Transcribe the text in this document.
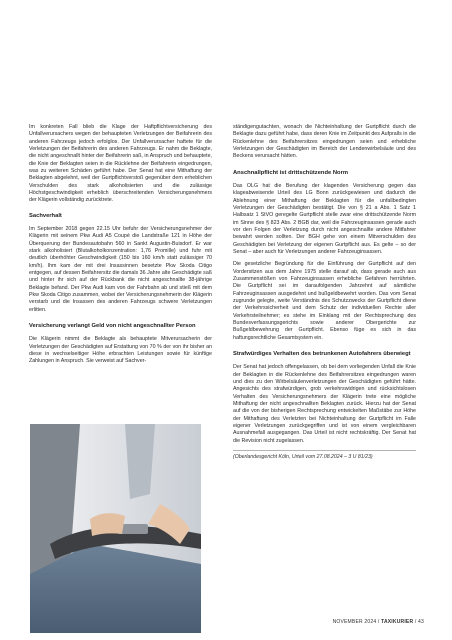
Im konkreten Fall blieb die Klage der Haftpflichtversicherung des Unfallverursachers wegen der behaupteten Verletzungen der Beifahrerin des anderen Fahrzeugs jedoch erfolglos. Der Unfallverursacher haftete für die Verletzungen der Beifahrerin des anderen Fahrzeugs. Er nahm die Beklagte, die nicht angeschnallt hinter der Beifahrerin saß, in Anspruch und behauptete, die Knie der Beklagten seien in die Rücklehne der Beifahrerin eingedrungen, was zu weiteren Schäden geführt habe. Der Senat hat eine Mithaftung der Beklagten abgelehnt, weil der Gurtpflichtverstoß gegenüber dem erheblichen Verschulden des stark alkoholisierten und die zulässige Höchstgeschwindigkeit erheblich überschreitenden Versicherungsnehmers der Klägerin vollständig zurücktrete.

Sachverhalt

Im September 2018 gegen 22.15 Uhr befuhr der Versicherungsnehmer der Klägerin mit seinem Pkw Audi A5 Coupé die Landstraße 121 in Höhe der Überquerung der Bundesautobahn 560 in Sankt Augustin-Buisdorf. Er war stark alkoholisiert (Blutalkoholkonzentration: 1,76 Promille) und fuhr mit deutlich überhöhter Geschwindigkeit (150 bis 160 km/h statt zulässiger 70 km/h). Ihm kam der mit drei Insassinnen besetzte Pkw Skoda Citigo entgegen, auf dessen Beifahrersitz die damals 36 Jahre alte Geschädigte saß und hinter ihr sich auf der Rückbank die nicht angeschnallte 38-jährige Beklagte befand. Der Pkw Audi kam von der Fahrbahn ab und stieß mit dem Pkw Skoda Citigo zusammen, wobei der Versicherungsnehmerin der Klägerin verstarb und die Insassen des anderen Fahrzeugs schwere Verletzungen erlitten.

Versicherung verlangt Geld von nicht angeschnallter Person

Die Klägerin nimmt die Beklagte als behauptete Mitverursacherin der Verletzungen der Geschädigten auf Erstattung von 70 % der von ihr bisher an diese in wechselseitiger Höhe erbrachten Leistungen sowie für künftige Zahlungen in Anspruch. Sie verweist auf Sachver-

ständigengutachten, wonach die Nichteinhaltung der Gurtpflicht durch die Beklagte dazu geführt habe, dass deren Knie im Zeitpunkt des Aufpralls in die Rückenlehne des Beifahrersitzes eingedrungen seien und erhebliche Verletzungen der Geschädigten im Bereich der Lendenwirbelsäule und des Beckens verursacht hätten.

Anschnallpflicht ist drittschützende Norm

Das OLG hat die Berufung der klagenden Versicherung gegen das klageabweisende Urteil des LG Bonn zurückgewiesen und dadurch die Ablehnung einer Mithaftung der Beklagten für die unfallbedingten Verletzungen der Geschädigten bestätigt. Die von § 21 a Abs. 1 Satz 1 Halbsatz 1 StVO geregelte Gurtpflicht stelle zwar eine drittschützende Norm im Sinne des § 823 Abs. 2 BGB dar, weil die Fahrzeuginsassen gerade auch vor den Folgen der Verletzung durch nicht angeschnallte andere Mitfahrer bewahrt werden sollten. Der BGH gehe von einem Mitverschulden des Geschädigten bei Verletzung der eigenen Gurtpflicht aus. Es gelte – so der Senat – aber auch für Verletzungen anderer Fahrzeuginsassen.

Die gesetzliche Begründung für die Einführung der Gurtpflicht auf den Vordersitzen aus dem Jahre 1975 stelle darauf ab, dass gerade auch aus Zusammenstößen von Fahrzeuginsassen erhebliche Gefahren herrührten. Die Gurtpflicht sei im daraufolgenden Jahrzehnt auf sämtliche Fahrzeuginsassen ausgedehnt und bußgeldbewehrt worden. Das vom Senat zugrunde gelegte, weite Verständnis des Schutzzwecks der Gurtpflicht diene der Verkehrssicherheit und dem Schutz der individuellen Rechte aller Verkehrsteilnehmer; es stehe im Einklang mit der Rechtsprechung des Bundesverfassungsgerichts sowie anderer Obergerichte zur Bußgeldbewehrung der Gurtpflicht. Ebenso füge es sich in das haftungsrechtliche Gesamtsystem ein.

Strafwürdiges Verhalten des betrunkenen Autofahrers überwiegt

Der Senat hat jedoch offengelassen, ob bei dem vorliegenden Unfall die Knie der Beklagten in die Rückenlehne des Beifahrersitzes eingedrungen waren und dies zu den Wirbelsäulenverletzungen der Geschädigten geführt hätte. Angesichts des strafwürdigen, grob verkehrswidrigen und rücksichtslosen Verhalten des Versicherungsnehmers der Klägerin trete eine mögliche Mithaftung der nicht angeschnallten Beklagten zurück. Hierzu hat der Senat auf die von der bisherigen Rechtsprechung entwickelten Maßstäbe zur Höhe der Mithaftung des Verletzten bei Nichteinhaltung der Gurtpflicht im Falle eigener Verletzungen zurückgegriffen und ist von einem vergleichbaren Ausnahmefall ausgegangen. Das Urteil ist nicht rechtskräftig. Der Senat hat die Revision nicht zugelassen.

(Oberlandesgericht Köln, Urteil vom 27.08.2024 – 3 U 81/23)
NOVEMBER 2024 / TAXIKURIER / 43
